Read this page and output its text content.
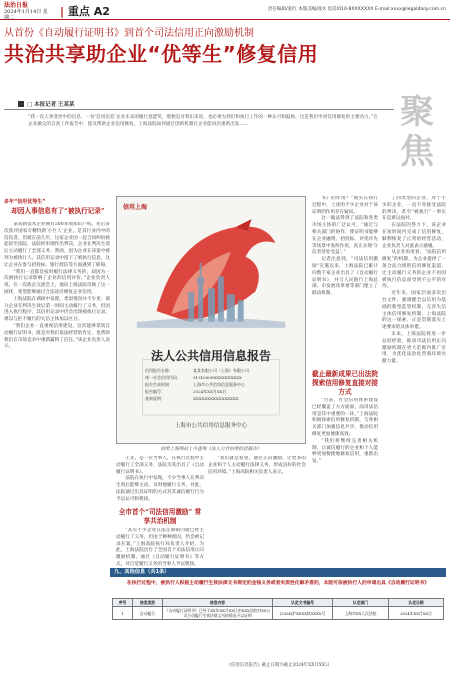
法治日报
2024年1月14日 星期二	| 重点 A2	责任编辑/张红 本版美编/张X 电话/010-8XXXXXXX E-mail:xxxx@legaldaily.com.cn
从首份《自动履行证明书》到首个司法信用正向激励机制
共治共享助企业“优等生”修复信用
□ 本报记者 王某某
“我一次人事变更中的信息，一份‘信用信息’企业未来的履行意愿奖，那便是对我们来说，也必须为我们和执行工作的一种认可和鼓励，这是我们申请信用修复的主要动力。”在企业做完的自查工作报告中，提及帮助企业信用修复，上海法院如何通过创新机制让企业能再次重新出发……	聚焦
多年“信用优等生”
却因人事信息有了“被执行记录”

某高新技术企业拥有500多项知识产权，先后多次获评国家专精特新‘小巨人’企业，是其行业内中的佼佼者。但就在前几年，这家企业因一起合同纠纷被起诉至法院，法院经审理作出判决，企业在判决生效后主动履行了全部义务。然而，因为企业在该案中被列为被执行人，其信用记录中留下了被执行信息，这让企业在参与招投标、银行授信等方面遇到了障碍。

“我们一直都是按时履行法律义务的，却因为一次被执行记录影响了企业的信用评价。”企业负责人说。在一次政企交流会上，他向上海法院反映了这一困扰，希望能够通过合法途径修复企业信用。

上海法院在调研中发现，类似情况并不少见：部分企业在判决生效后第一时间主动履行了义务，但因进入执行程序，其信用记录中仍会出现被执行记录，难以与拒不履行的失信主体加以区分。

“我们企业一直重视信用建设，这次能够拿到自动履行证明书，既是对我们依法经营的肯定，也帮助我们在市场竞争中重新赢得了信任。”该企业负责人表示。

信用上海
法人公共信用信息报告
信用报告名称：	某某有限公司（上海）有限公司
统一社会信用代码：	91310000XXXXXXXXXX
报告生成时间：	上海市公共信用信息服务中心
报告编号：	2024年XX月XX日
查询说明：	XXXXXXXXXXXXXXXX
上海市公共信用信息服务中心
信用上海网站上可查询《法人公共信用信息报告》

王先，是一位当事人，在执行过程中主动履行了全部义务，法院为其出具了《自动履行证明书》。

法院在执行中发现，不少当事人在判决生效后能够主动、及时地履行义务，对此，法院通过出具证明的方式对其诚信履行行为予以认可和褒扬。

全市首个“司法信用激励” 常享共治机制

“其实不少企业在法定期限内就已经主动履行了义务，但由于种种原因，仍会被记录在案。”上海高院执行局负责人介绍，为此，上海法院出台了全国首个司法信用正向激励机制，通过《自动履行证明书》等方式，对自觉履行义务的当事人予以褒扬。

“我们就是希望，通过正向激励，让更多的企业和个人主动履行法律义务，形成良好的社会信用环境。”上海高院相关负责人表示。

书》的作用？”现实在执行过程中，上述的不少企业对于该证明的作用存在疑问。

这一做法得到了法院和各类市场主体的广泛认可。“通过与相关部门的协作，使证明书能够在企业融资、招投标、评优评先等场景中发挥作用，真正实现‘守信者处处受益’。”

记者注意到，“司法信用激励”实施以来，上海法院已累计向数千家企业出具了《自动履行证明书》，并与人民银行上海总部、市发展改革委等部门建立了联动机制。

截止最新成果已出法院探索信用修复直接对接方式

“目前，社会信用体系建设已经覆盖了方方面面，而司法信用是其中重要的一环。”上海法院积极探索信用修复机制，与各相关部门加强信息共享，推动信用修复更加便捷高效。

“我们将继续完善相关机制，让诚信履行的企业和个人能够更加便捷地修复信用，重新出发。”

了同类型的企业，对于不少的企业，一直不肯接受法院的判决，甚至“被执行”一事实在是难以面对。

在法院的努力下，该企业在短时间内完成了信用修复，顺利恢复了正常的经营活动，企业负责人对此表示感谢。

从企业角度看，“法院信用修复”的机制，为企业提供了一条合法合规的信用修复渠道，让主动履行义务的企业不再因被执行信息而受到不公平的对待。

近年来，国家层面多次出台文件，强调健全以信用为基础的新型监管机制，完善失信主体信用修复机制。上海法院的这一探索，正是贯彻落实上述要求的具体举措。

未来，上海法院将进一步总结经验，推动司法信用正向激励机制在更大范围内推广应用，为优化法治化营商环境贡献力量。

九、其他信息（共1条）
在执行过程中，被执行人积极主动履行生效法律文书规定的金钱义务或者实质性化解矛盾的，本院可依被执行人的申请出具《自动履行证明书》
序号	信息类别	信息内容	认定文书编号	认定部门	认定日期
1	自动履行	《自动履行证明书》已经于XX年XX月XX日由XXX法院对XX公司主动履行生效法律文书的情况予以证明	(2024)沪XXXX执XXXX号	上海市XX人民法院	2024年XX月XX日
《信用信息报告》截止日期为截止2024年XX月XX日
